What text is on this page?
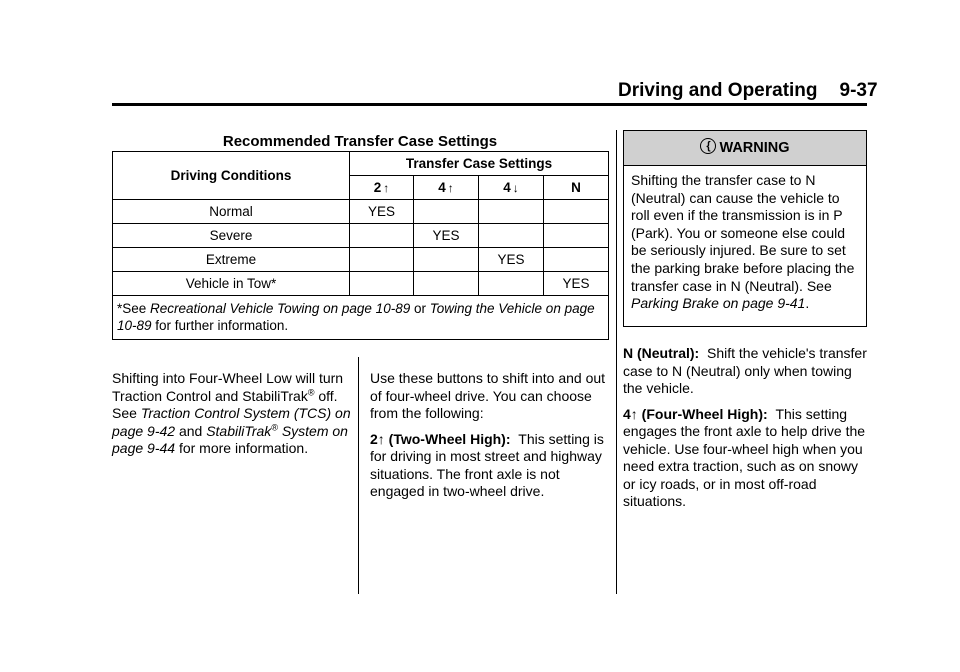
Driving and Operating 9-37
Recommended Transfer Case Settings
Driving Conditions	Transfer Case Settings			
	2 ↑	4 ↑	4 ↓	N
Normal	YES			
Severe		YES		
Extreme			YES	
Vehicle in Tow*				YES
*See Recreational Vehicle Towing on page 10-89 or Towing the Vehicle on page 10-89 for further information.				

Shifting into Four-Wheel Low will turn Traction Control and StabiliTrak® off. See Traction Control System (TCS) on page 9-42 and StabiliTrak® System on page 9-44 for more information.

Use these buttons to shift into and out of four-wheel drive. You can choose from the following:

2↑ (Two-Wheel High): This setting is for driving in most street and highway situations. The front axle is not engaged in two-wheel drive.

{ WARNING
Shifting the transfer case to N (Neutral) can cause the vehicle to roll even if the transmission is in P (Park). You or someone else could be seriously injured. Be sure to set the parking brake before placing the transfer case in N (Neutral). See Parking Brake on page 9-41.

N (Neutral): Shift the vehicle's transfer case to N (Neutral) only when towing the vehicle.

4↑ (Four-Wheel High): This setting engages the front axle to help drive the vehicle. Use four-wheel high when you need extra traction, such as on snowy or icy roads, or in most off-road situations.
